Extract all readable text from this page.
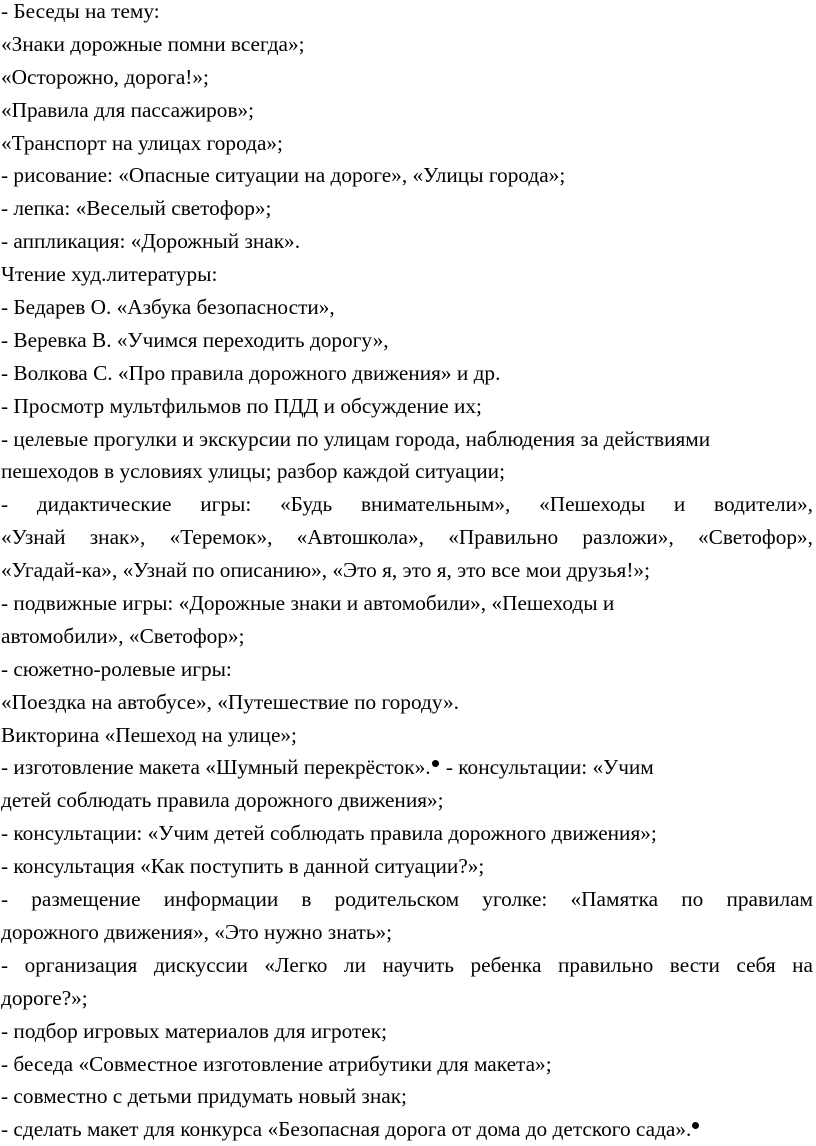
- Беседы на тему:
«Знаки дорожные помни всегда»;
«Осторожно, дорога!»;
«Правила для пассажиров»;
«Транспорт на улицах города»;
- рисование: «Опасные ситуации на дороге», «Улицы города»;
- лепка: «Веселый светофор»;
- аппликация: «Дорожный знак».
Чтение худ.литературы:
- Бедарев О. «Азбука безопасности»,
- Веревка В. «Учимся переходить дорогу»,
- Волкова С. «Про правила дорожного движения» и др.
- Просмотр мультфильмов по ПДД и обсуждение их;
- целевые прогулки и экскурсии по улицам города, наблюдения за действиями
пешеходов в условиях улицы; разбор каждой ситуации;
- дидактические игры: «Будь внимательным», «Пешеходы и водители»,
«Узнай знак», «Теремок», «Автошкола», «Правильно разложи», «Светофор»,
«Угадай-ка», «Узнай по описанию», «Это я, это я, это все мои друзья!»;
- подвижные игры: «Дорожные знаки и автомобили», «Пешеходы и
автомобили», «Светофор»;
- сюжетно-ролевые игры:
«Поездка на автобусе», «Путешествие по городу».
Викторина «Пешеход на улице»;
- изготовление макета «Шумный перекрёсток». - консультации: «Учим
детей соблюдать правила дорожного движения»;
- консультации: «Учим детей соблюдать правила дорожного движения»;
- консультация «Как поступить в данной ситуации?»;
- размещение информации в родительском уголке: «Памятка по правилам
дорожного движения», «Это нужно знать»;
- организация дискуссии «Легко ли научить ребенка правильно вести себя на
дороге?»;
- подбор игровых материалов для игротек;
- беседа «Совместное изготовление атрибутики для макета»;
- совместно с детьми придумать новый знак;
- сделать макет для конкурса «Безопасная дорога от дома до детского сада».
